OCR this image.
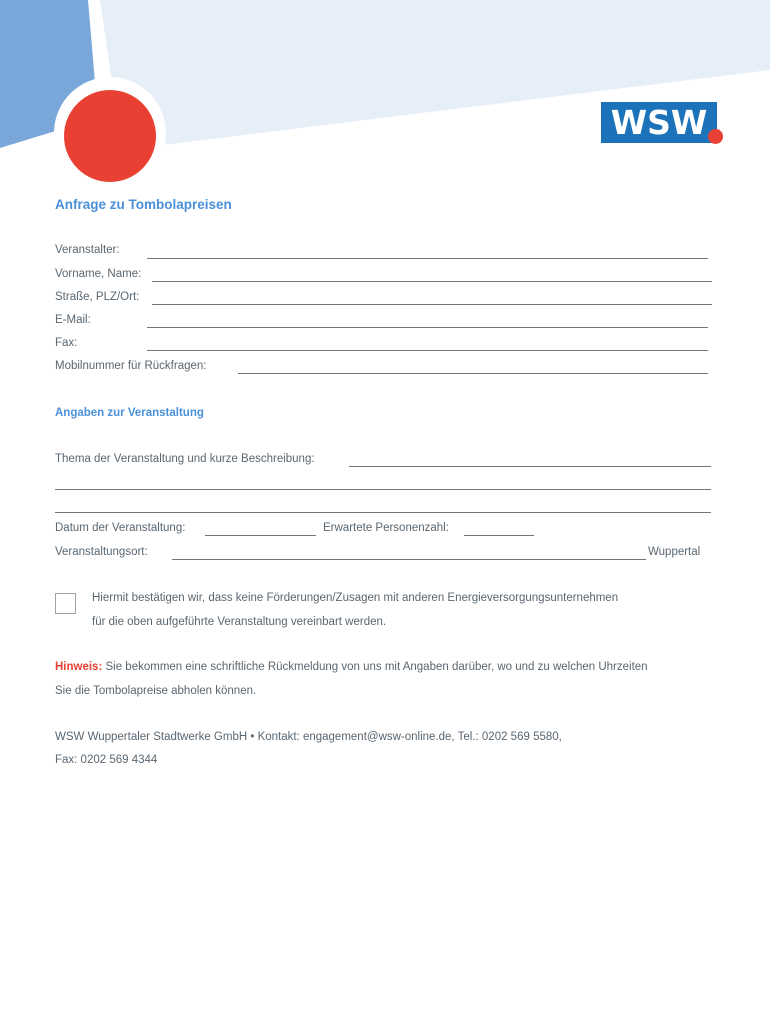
WSW
Anfrage zu Tombolapreisen
Veranstalter:
Vorname, Name:
Straße, PLZ/Ort:
E-Mail:
Fax:
Mobilnummer für Rückfragen:
Angaben zur Veranstaltung
Thema der Veranstaltung und kurze Beschreibung:
Datum der Veranstaltung:	Erwartete Personenzahl:
Veranstaltungsort:	Wuppertal
Hiermit bestätigen wir, dass keine Förderungen/Zusagen mit anderen Energieversorgungsunternehmen
für die oben aufgeführte Veranstaltung vereinbart werden.
Hinweis: Sie bekommen eine schriftliche Rückmeldung von uns mit Angaben darüber, wo und zu welchen Uhrzeiten
Sie die Tombolapreise abholen können.
WSW Wuppertaler Stadtwerke GmbH • Kontakt: engagement@wsw-online.de, Tel.: 0202 569 5580,
Fax: 0202 569 4344
